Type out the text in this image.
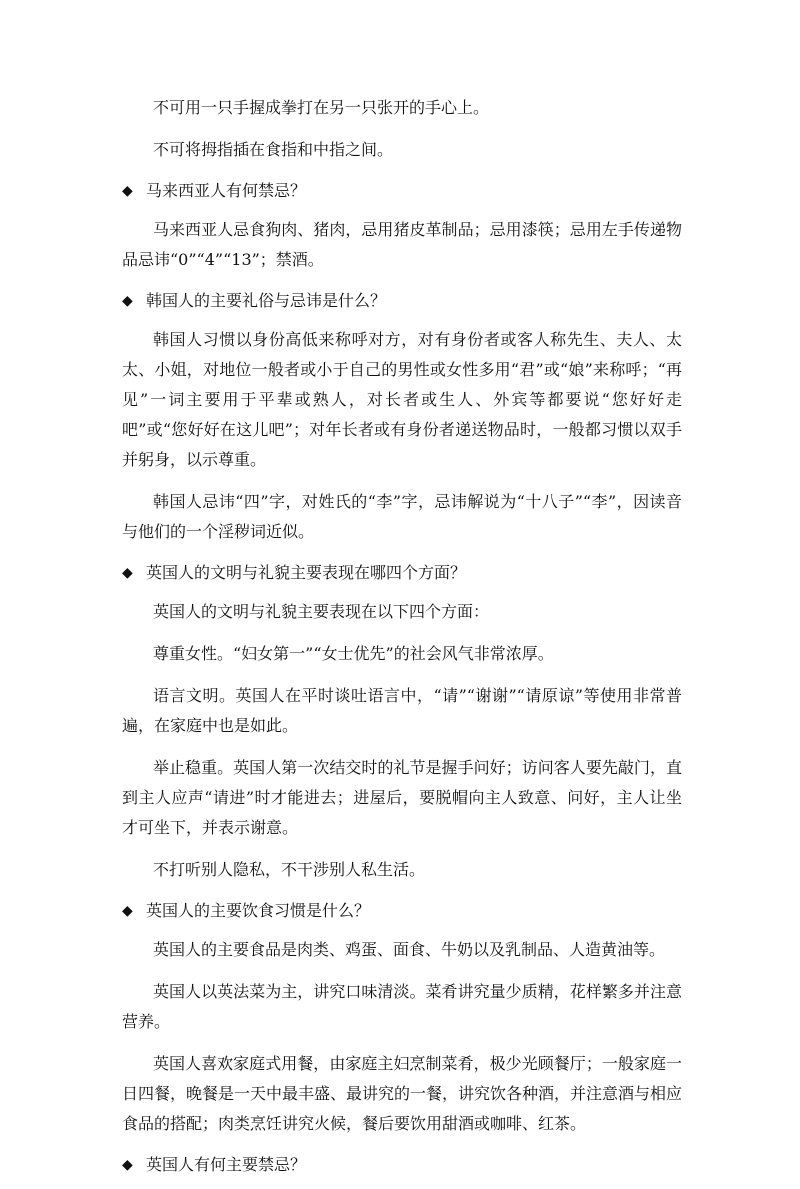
不可用一只手握成拳打在另一只张开的手心上。

不可将拇指插在食指和中指之间。

◆ 马来西亚人有何禁忌？

马来西亚人忌食狗肉、猪肉，忌用猪皮革制品；忌用漆筷；忌用左手传递物品忌讳“0”“4”“13”；禁酒。

◆ 韩国人的主要礼俗与忌讳是什么？

韩国人习惯以身份高低来称呼对方，对有身份者或客人称先生、夫人、太太、小姐，对地位一般者或小于自己的男性或女性多用“君”或“娘”来称呼；“再见”一词主要用于平辈或熟人，对长者或生人、外宾等都要说“您好好走吧”或“您好好在这儿吧”；对年长者或有身份者递送物品时，一般都习惯以双手并躬身，以示尊重。

韩国人忌讳“四”字，对姓氏的“李”字，忌讳解说为“十八子”“李”，因读音与他们的一个淫秽词近似。

◆ 英国人的文明与礼貌主要表现在哪四个方面？

英国人的文明与礼貌主要表现在以下四个方面：

尊重女性。“妇女第一”“女士优先”的社会风气非常浓厚。

语言文明。英国人在平时谈吐语言中，“请”“谢谢”“请原谅”等使用非常普遍，在家庭中也是如此。

举止稳重。英国人第一次结交时的礼节是握手问好；访问客人要先敲门，直到主人应声“请进”时才能进去；进屋后，要脱帽向主人致意、问好，主人让坐才可坐下，并表示谢意。

不打听别人隐私，不干涉别人私生活。

◆ 英国人的主要饮食习惯是什么？

英国人的主要食品是肉类、鸡蛋、面食、牛奶以及乳制品、人造黄油等。

英国人以英法菜为主，讲究口味清淡。菜肴讲究量少质精，花样繁多并注意营养。

英国人喜欢家庭式用餐，由家庭主妇烹制菜肴，极少光顾餐厅；一般家庭一日四餐，晚餐是一天中最丰盛、最讲究的一餐，讲究饮各种酒，并注意酒与相应食品的搭配；肉类烹饪讲究火候，餐后要饮用甜酒或咖啡、红茶。

◆ 英国人有何主要禁忌？
